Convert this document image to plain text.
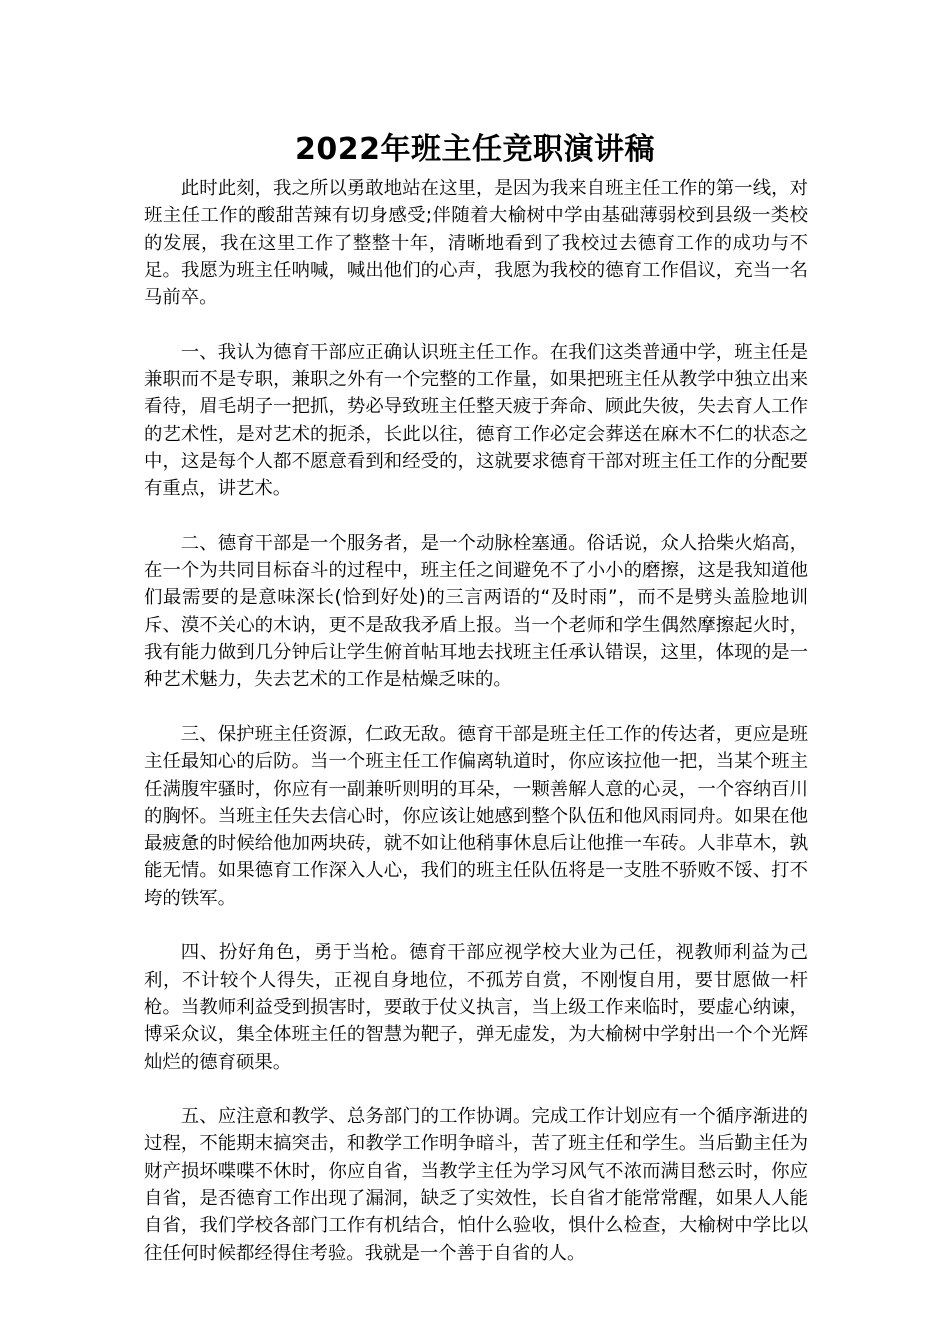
2022年班主任竞职演讲稿

此时此刻，我之所以勇敢地站在这里，是因为我来自班主任工作的第一线，对班主任工作的酸甜苦辣有切身感受;伴随着大榆树中学由基础薄弱校到县级一类校的发展，我在这里工作了整整十年，清晰地看到了我校过去德育工作的成功与不足。我愿为班主任呐喊，喊出他们的心声，我愿为我校的德育工作倡议，充当一名马前卒。

一、我认为德育干部应正确认识班主任工作。在我们这类普通中学，班主任是兼职而不是专职，兼职之外有一个完整的工作量，如果把班主任从教学中独立出来看待，眉毛胡子一把抓，势必导致班主任整天疲于奔命、顾此失彼，失去育人工作的艺术性，是对艺术的扼杀，长此以往，德育工作必定会葬送在麻木不仁的状态之中，这是每个人都不愿意看到和经受的，这就要求德育干部对班主任工作的分配要有重点，讲艺术。

二、德育干部是一个服务者，是一个动脉栓塞通。俗话说，众人拾柴火焰高，在一个为共同目标奋斗的过程中，班主任之间避免不了小小的磨擦，这是我知道他们最需要的是意味深长(恰到好处)的三言两语的“及时雨”，而不是劈头盖脸地训斥、漠不关心的木讷，更不是敌我矛盾上报。当一个老师和学生偶然摩擦起火时，我有能力做到几分钟后让学生俯首帖耳地去找班主任承认错误，这里，体现的是一种艺术魅力，失去艺术的工作是枯燥乏味的。

三、保护班主任资源，仁政无敌。德育干部是班主任工作的传达者，更应是班主任最知心的后防。当一个班主任工作偏离轨道时，你应该拉他一把，当某个班主任满腹牢骚时，你应有一副兼听则明的耳朵，一颗善解人意的心灵，一个容纳百川的胸怀。当班主任失去信心时，你应该让她感到整个队伍和他风雨同舟。如果在他最疲惫的时候给他加两块砖，就不如让他稍事休息后让他推一车砖。人非草木，孰能无情。如果德育工作深入人心，我们的班主任队伍将是一支胜不骄败不馁、打不垮的铁军。

四、扮好角色，勇于当枪。德育干部应视学校大业为己任，视教师利益为己利，不计较个人得失，正视自身地位，不孤芳自赏，不刚愎自用，要甘愿做一杆枪。当教师利益受到损害时，要敢于仗义执言，当上级工作来临时，要虚心纳谏，博采众议，集全体班主任的智慧为靶子，弹无虚发，为大榆树中学射出一个个光辉灿烂的德育硕果。

五、应注意和教学、总务部门的工作协调。完成工作计划应有一个循序渐进的过程，不能期末搞突击，和教学工作明争暗斗，苦了班主任和学生。当后勤主任为财产损坏喋喋不休时，你应自省，当教学主任为学习风气不浓而满目愁云时，你应自省，是否德育工作出现了漏洞，缺乏了实效性，长自省才能常常醒，如果人人能自省，我们学校各部门工作有机结合，怕什么验收，惧什么检查，大榆树中学比以往任何时候都经得住考验。我就是一个善于自省的人。
